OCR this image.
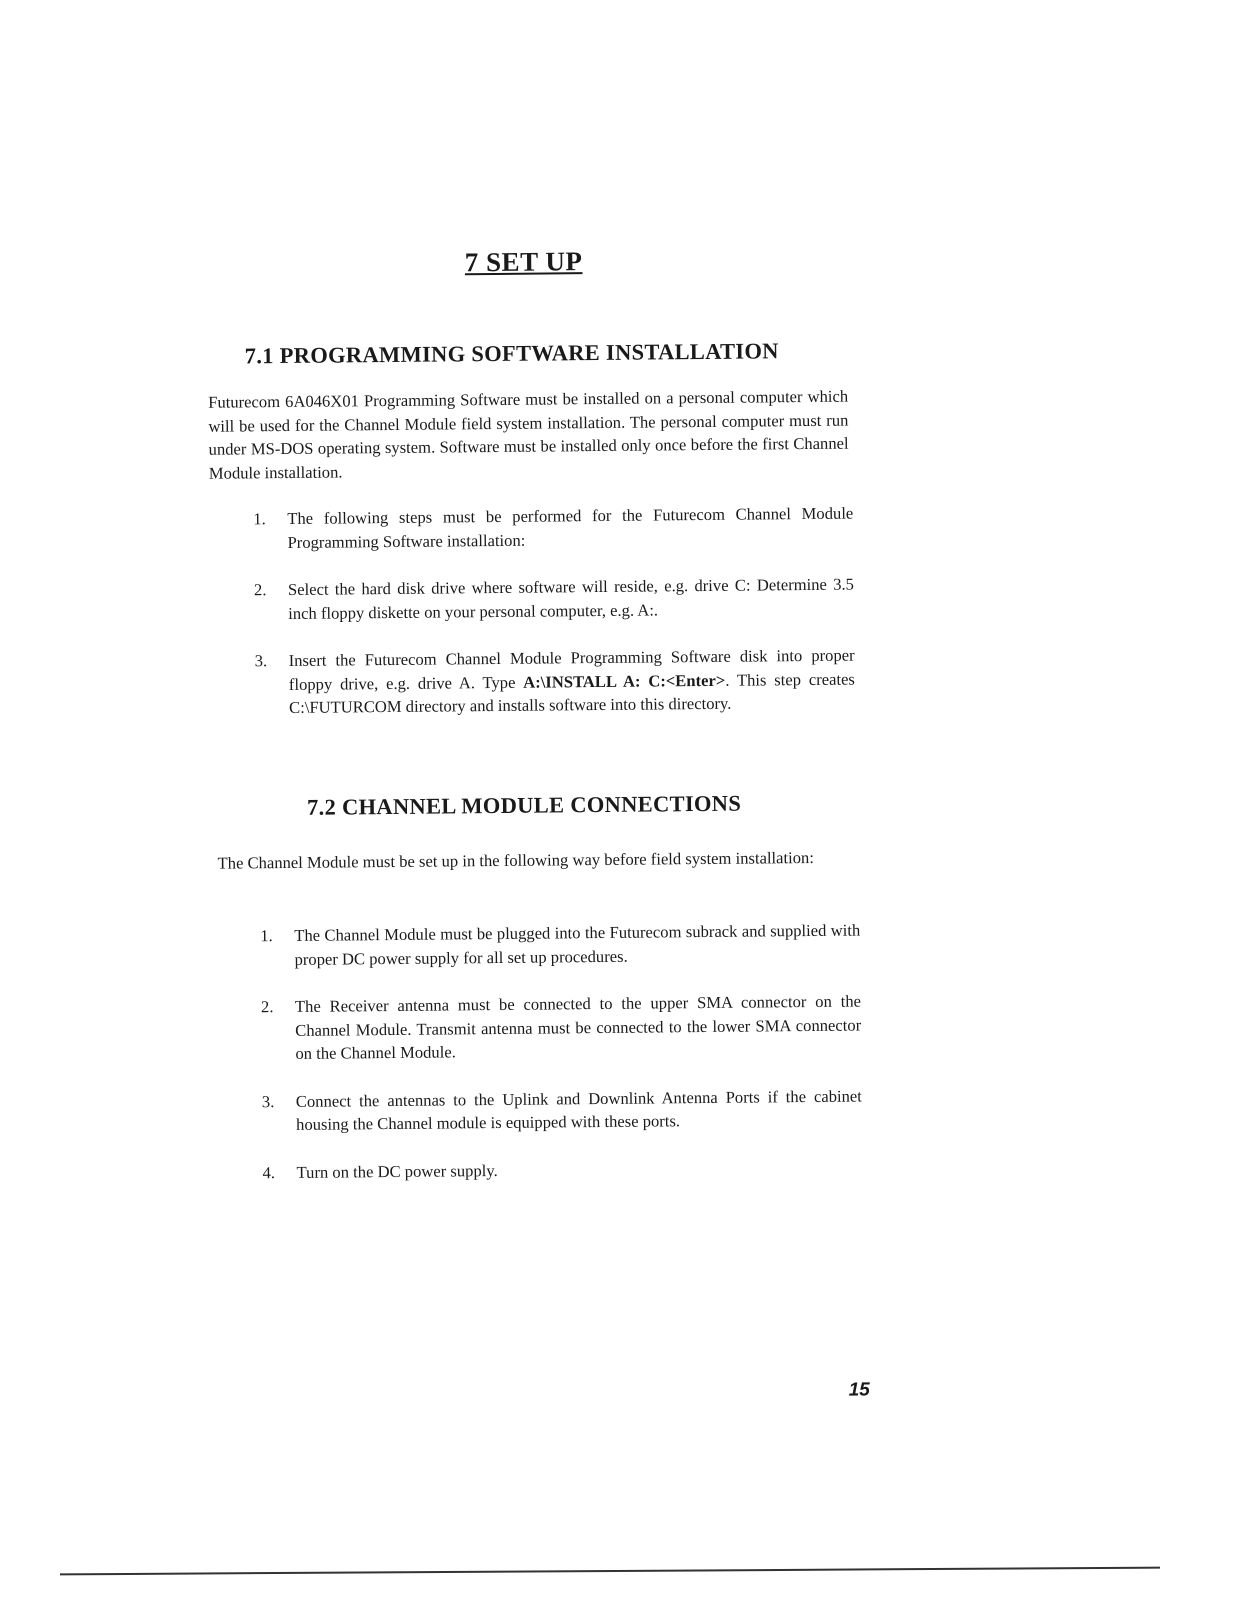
7 SET UP
7.1 PROGRAMMING SOFTWARE INSTALLATION
Futurecom 6A046X01 Programming Software must be installed on a personal computer which will be used for the Channel Module field system installation. The personal computer must run under MS-DOS operating system. Software must be installed only once before the first Channel Module installation.
1.	The following steps must be performed for the Futurecom Channel Module Programming Software installation:
2.	Select the hard disk drive where software will reside, e.g. drive C: Determine 3.5 inch floppy diskette on your personal computer, e.g. A:.
3.	Insert the Futurecom Channel Module Programming Software disk into proper floppy drive, e.g. drive A. Type A:\INSTALL A: C:<Enter>. This step creates C:\FUTURCOM directory and installs software into this directory.
7.2 CHANNEL MODULE CONNECTIONS
The Channel Module must be set up in the following way before field system installation:
1.	The Channel Module must be plugged into the Futurecom subrack and supplied with proper DC power supply for all set up procedures.
2.	The Receiver antenna must be connected to the upper SMA connector on the Channel Module. Transmit antenna must be connected to the lower SMA connector on the Channel Module.
3.	Connect the antennas to the Uplink and Downlink Antenna Ports if the cabinet housing the Channel module is equipped with these ports.
4.	Turn on the DC power supply.
15
